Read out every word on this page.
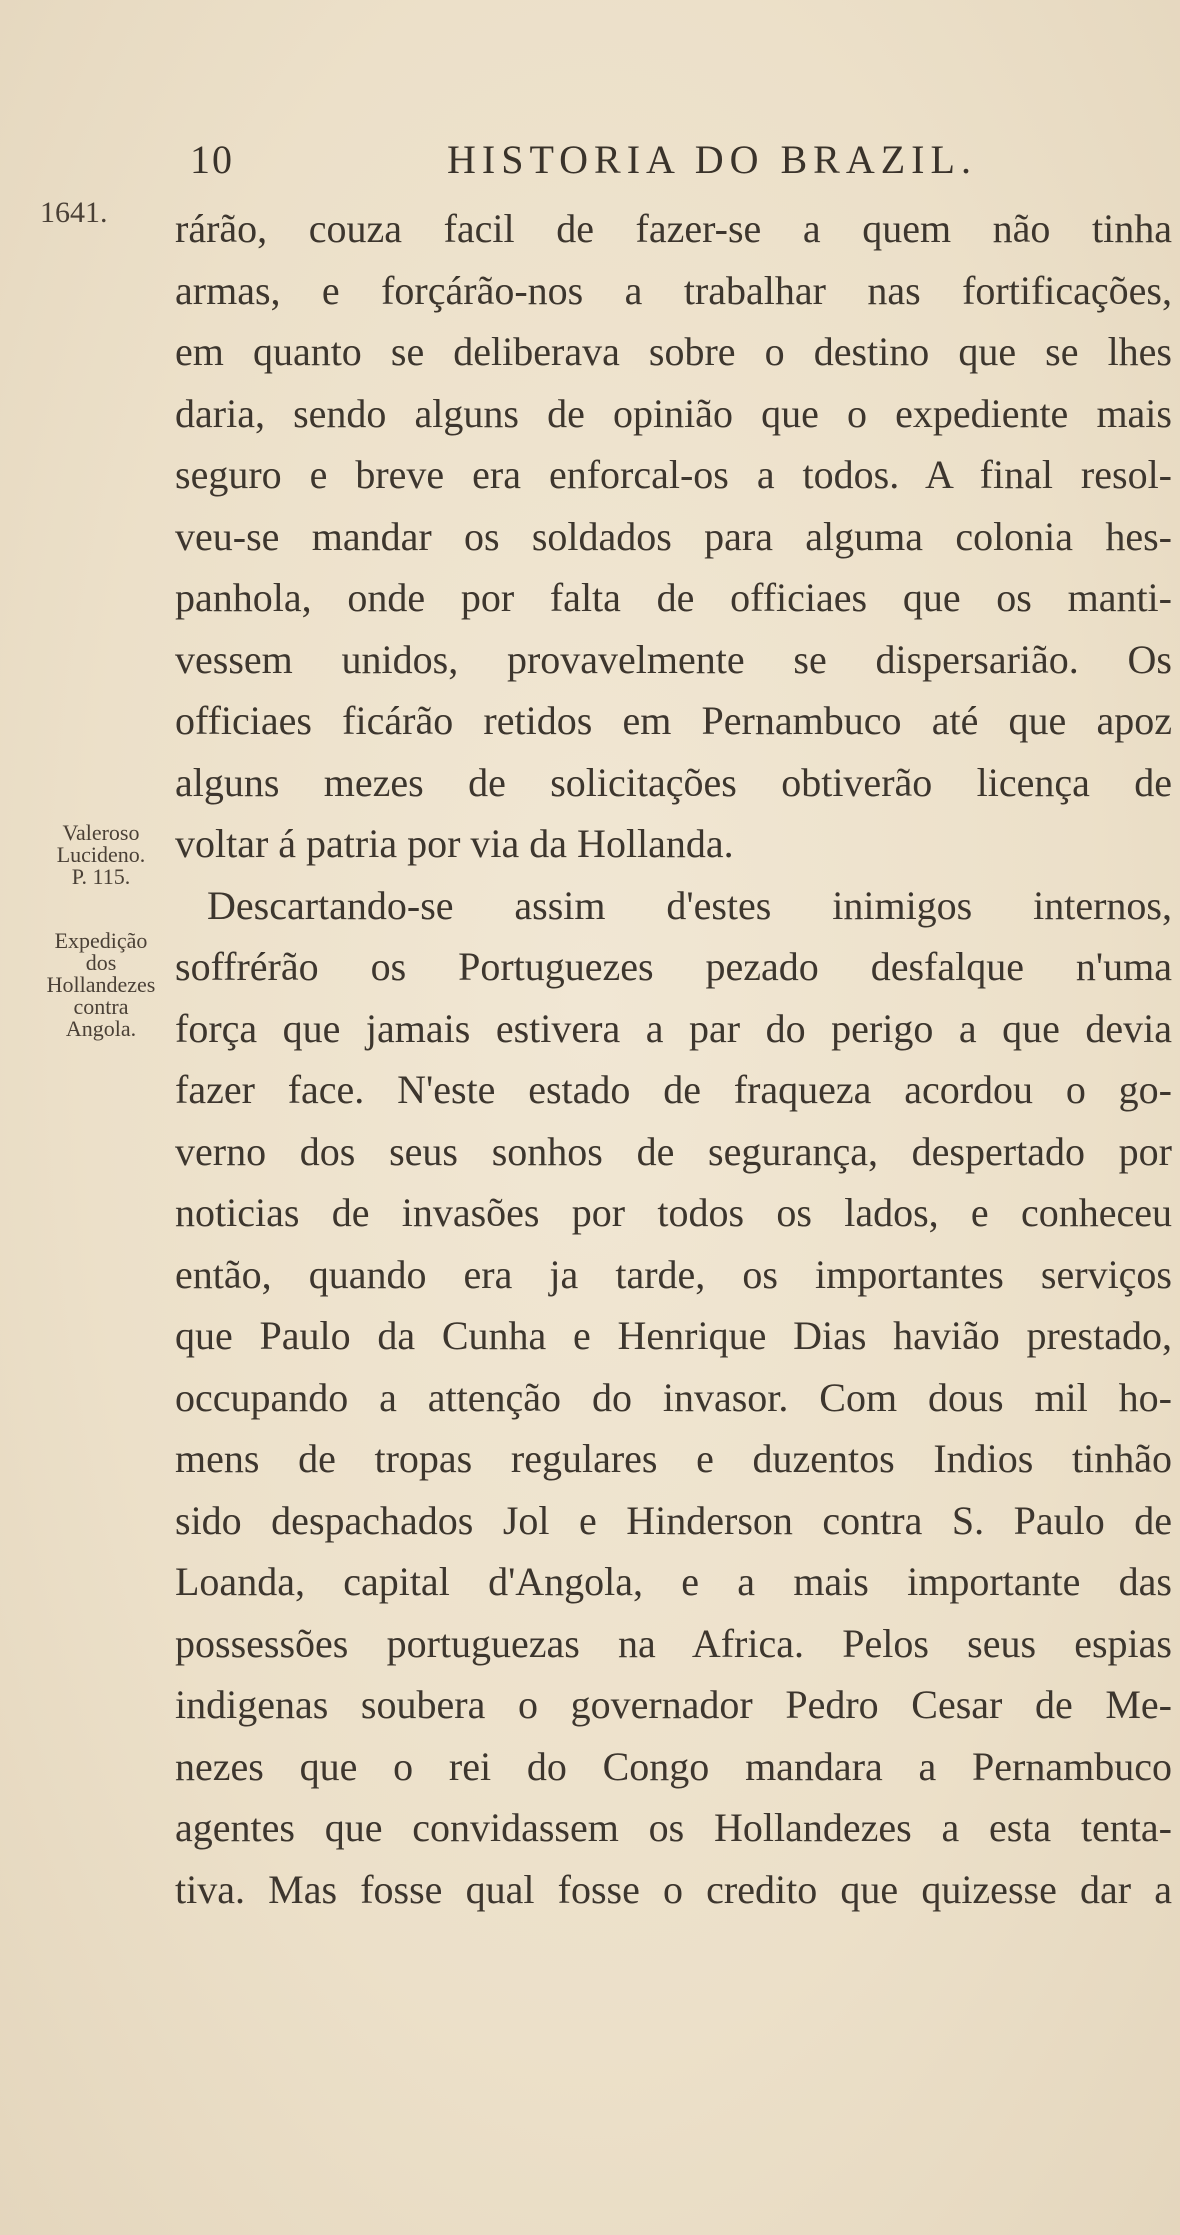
10	HISTORIA DO BRAZIL.
1641.
Valeroso
Lucideno.
P. 115.
Expedição
dos
Hollandezes
contra
Angola.
rárão, couza facil de fazer-se a quem não tinha
armas, e forçárão-nos a trabalhar nas fortificações,
em quanto se deliberava sobre o destino que se lhes
daria, sendo alguns de opinião que o expediente mais
seguro e breve era enforcal-os a todos. A final resol-
veu-se mandar os soldados para alguma colonia hes-
panhola, onde por falta de officiaes que os manti-
vessem unidos, provavelmente se dispersarião. Os
officiaes ficárão retidos em Pernambuco até que apoz
alguns mezes de solicitações obtiverão licença de
voltar á patria por via da Hollanda.
Descartando-se assim d'estes inimigos internos,
soffrérão os Portuguezes pezado desfalque n'uma
força que jamais estivera a par do perigo a que devia
fazer face. N'este estado de fraqueza acordou o go-
verno dos seus sonhos de segurança, despertado por
noticias de invasões por todos os lados, e conheceu
então, quando era ja tarde, os importantes serviços
que Paulo da Cunha e Henrique Dias havião prestado,
occupando a attenção do invasor. Com dous mil ho-
mens de tropas regulares e duzentos Indios tinhão
sido despachados Jol e Hinderson contra S. Paulo de
Loanda, capital d'Angola, e a mais importante das
possessões portuguezas na Africa. Pelos seus espias
indigenas soubera o governador Pedro Cesar de Me-
nezes que o rei do Congo mandara a Pernambuco
agentes que convidassem os Hollandezes a esta tenta-
tiva. Mas fosse qual fosse o credito que quizesse dar a
